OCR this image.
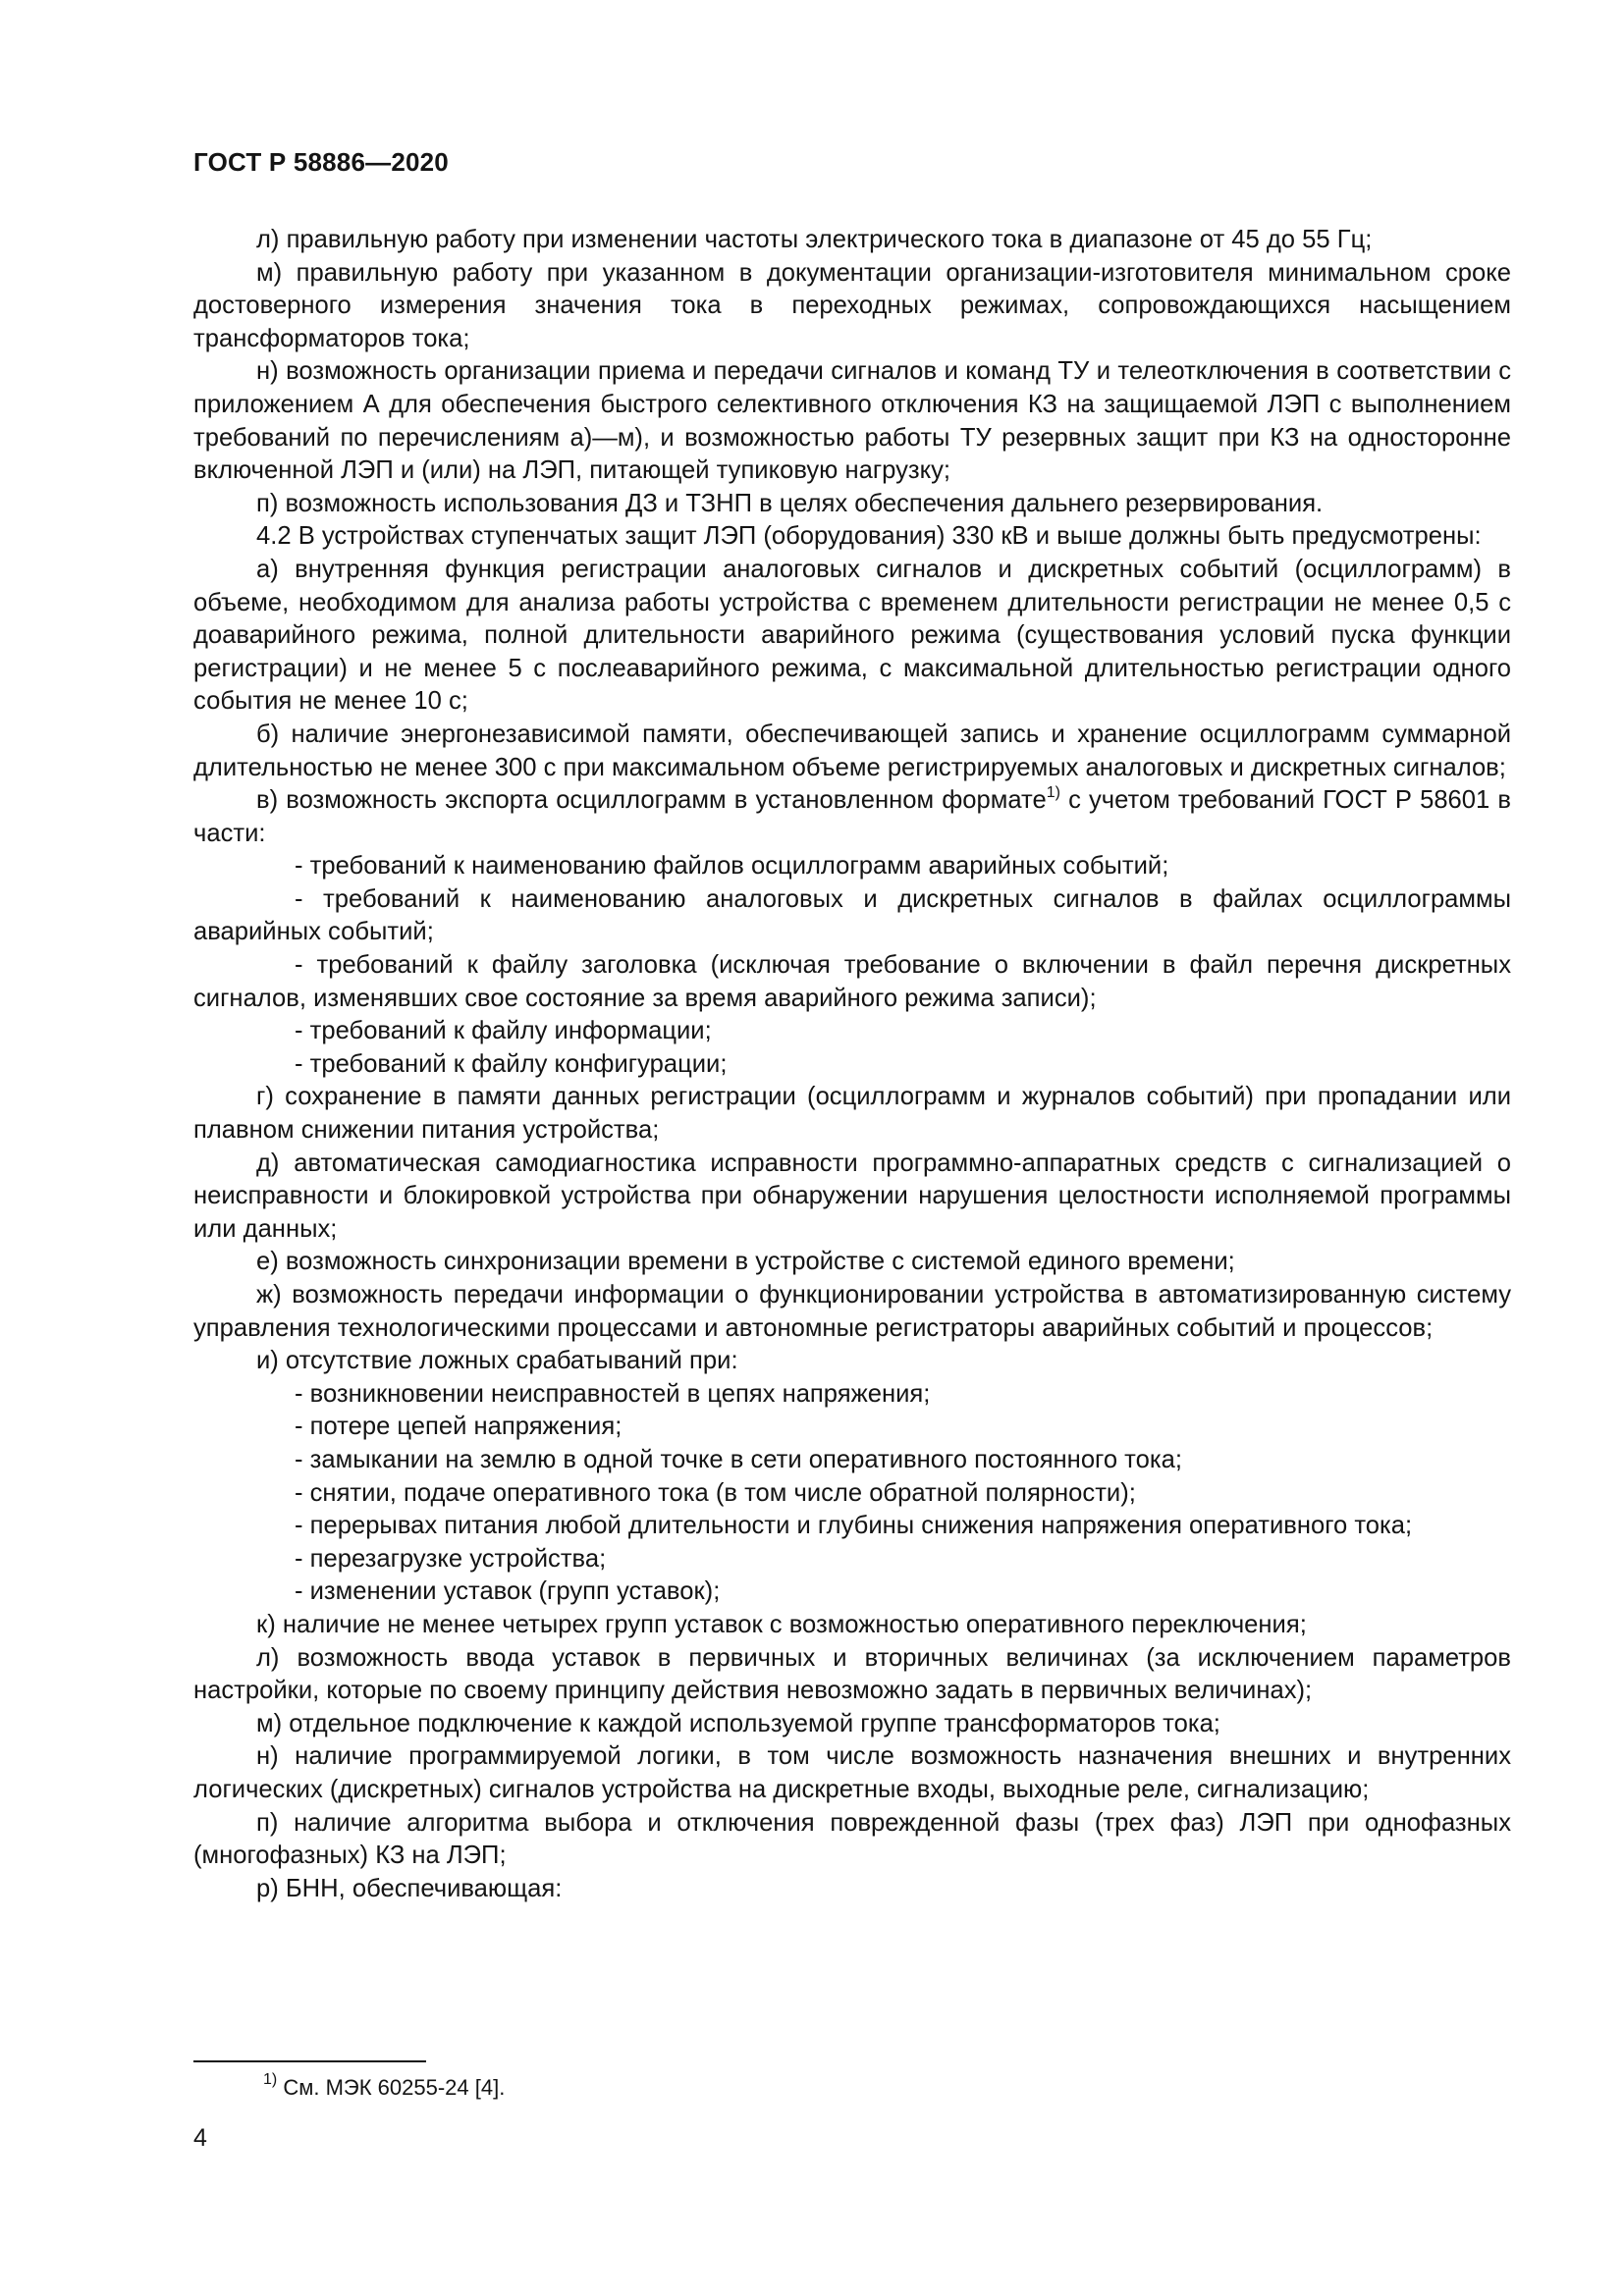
ГОСТ Р 58886—2020

л) правильную работу при изменении частоты электрического тока в диапазоне от 45 до 55 Гц;

м) правильную работу при указанном в документации организации-изготовителя минимальном сроке достоверного измерения значения тока в переходных режимах, сопровождающихся насыщением трансформаторов тока;

н) возможность организации приема и передачи сигналов и команд ТУ и телеотключения в соответствии с приложением А для обеспечения быстрого селективного отключения КЗ на защищаемой ЛЭП с выполнением требований по перечислениям а)—м), и возможностью работы ТУ резервных защит при КЗ на односторонне включенной ЛЭП и (или) на ЛЭП, питающей тупиковую нагрузку;

п) возможность использования ДЗ и ТЗНП в целях обеспечения дальнего резервирования.

4.2 В устройствах ступенчатых защит ЛЭП (оборудования) 330 кВ и выше должны быть предусмотрены:

а) внутренняя функция регистрации аналоговых сигналов и дискретных событий (осциллограмм) в объеме, необходимом для анализа работы устройства с временем длительности регистрации не менее 0,5 с доаварийного режима, полной длительности аварийного режима (существования условий пуска функции регистрации) и не менее 5 с послеаварийного режима, с максимальной длительностью регистрации одного события не менее 10 с;

б) наличие энергонезависимой памяти, обеспечивающей запись и хранение осциллограмм суммарной длительностью не менее 300 с при максимальном объеме регистрируемых аналоговых и дискретных сигналов;

в) возможность экспорта осциллограмм в установленном формате$^{1)}$ с учетом требований ГОСТ Р 58601 в части:

- требований к наименованию файлов осциллограмм аварийных событий;

- требований к наименованию аналоговых и дискретных сигналов в файлах осциллограммы аварийных событий;

- требований к файлу заголовка (исключая требование о включении в файл перечня дискретных сигналов, изменявших свое состояние за время аварийного режима записи);

- требований к файлу информации;

- требований к файлу конфигурации;

г) сохранение в памяти данных регистрации (осциллограмм и журналов событий) при пропадании или плавном снижении питания устройства;

д) автоматическая самодиагностика исправности программно-аппаратных средств с сигнализацией о неисправности и блокировкой устройства при обнаружении нарушения целостности исполняемой программы или данных;

е) возможность синхронизации времени в устройстве с системой единого времени;

ж) возможность передачи информации о функционировании устройства в автоматизированную систему управления технологическими процессами и автономные регистраторы аварийных событий и процессов;

и) отсутствие ложных срабатываний при:

- возникновении неисправностей в цепях напряжения;

- потере цепей напряжения;

- замыкании на землю в одной точке в сети оперативного постоянного тока;

- снятии, подаче оперативного тока (в том числе обратной полярности);

- перерывах питания любой длительности и глубины снижения напряжения оперативного тока;

- перезагрузке устройства;

- изменении уставок (групп уставок);

к) наличие не менее четырех групп уставок с возможностью оперативного переключения;

л) возможность ввода уставок в первичных и вторичных величинах (за исключением параметров настройки, которые по своему принципу действия невозможно задать в первичных величинах);

м) отдельное подключение к каждой используемой группе трансформаторов тока;

н) наличие программируемой логики, в том числе возможность назначения внешних и внутренних логических (дискретных) сигналов устройства на дискретные входы, выходные реле, сигнализацию;

п) наличие алгоритма выбора и отключения поврежденной фазы (трех фаз) ЛЭП при однофазных (многофазных) КЗ на ЛЭП;

р) БНН, обеспечивающая:

$^{1)}$ См. МЭК 60255-24 [4].
4
